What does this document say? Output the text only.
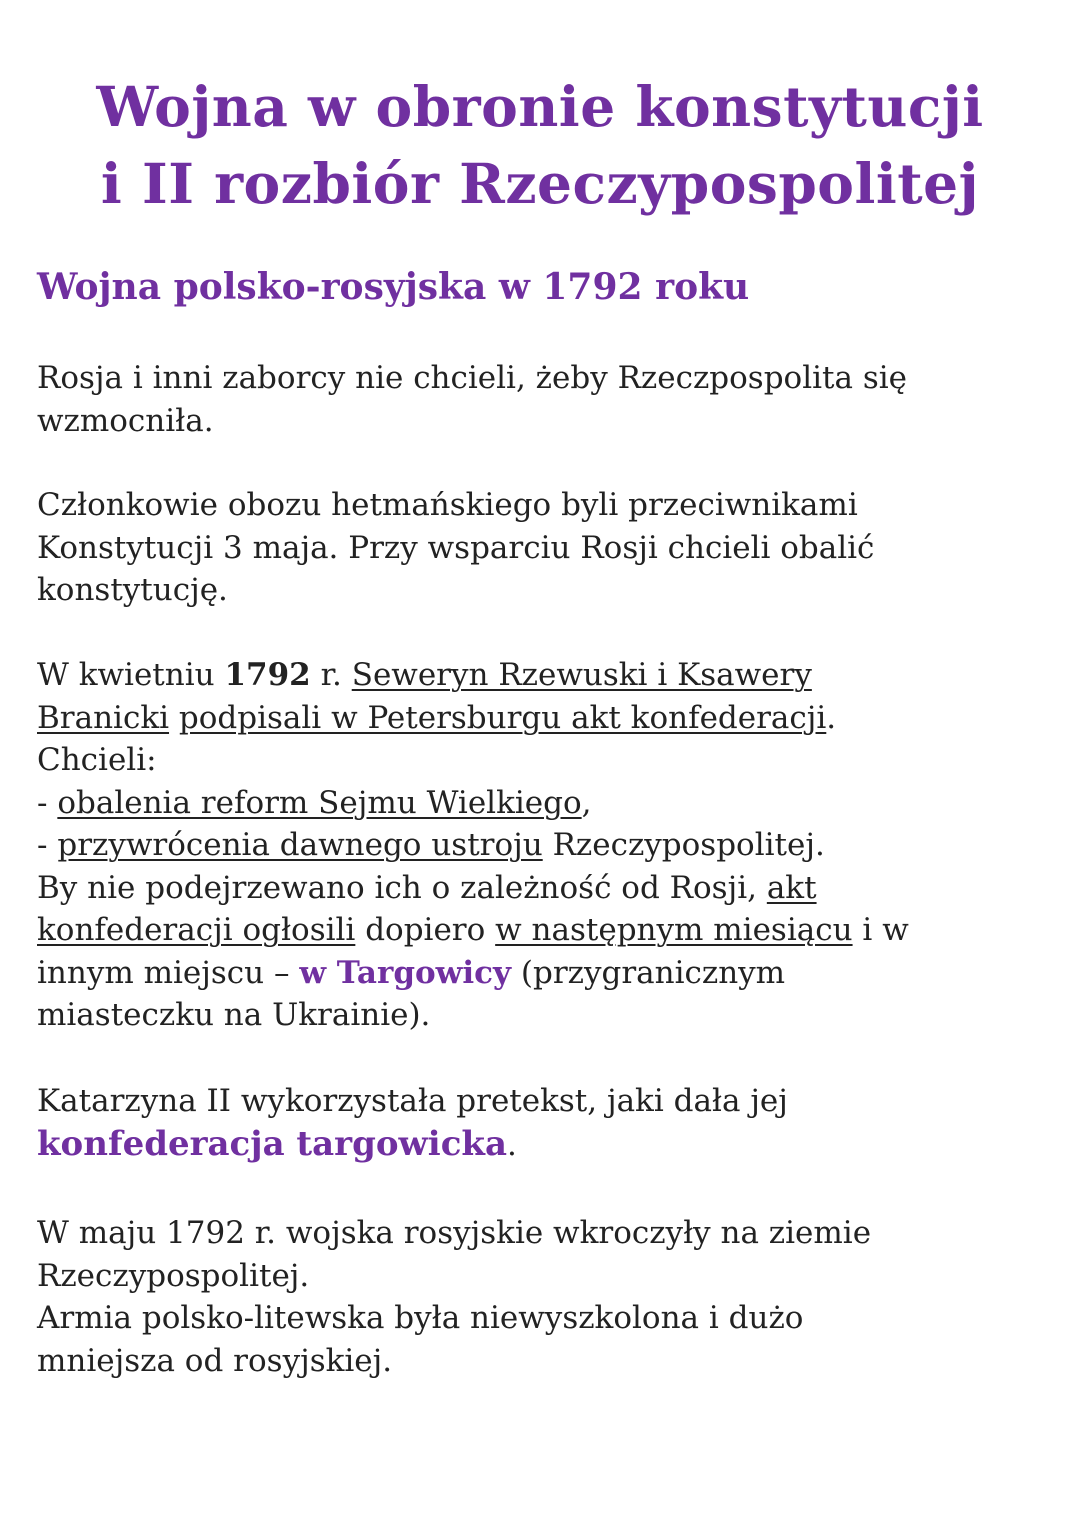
Wojna w obronie konstytucji
i II rozbiór Rzeczypospolitej
Wojna polsko-rosyjska w 1792 roku

Rosja i inni zaborcy nie chcieli, żeby Rzeczpospolita się
wzmocniła.

Członkowie obozu hetmańskiego byli przeciwnikami
Konstytucji 3 maja. Przy wsparciu Rosji chcieli obalić
konstytucję.

W kwietniu 1792 r. Seweryn Rzewuski i Ksawery
Branicki podpisali w Petersburgu akt konfederacji.
Chcieli:
- obalenia reform Sejmu Wielkiego,
- przywrócenia dawnego ustroju Rzeczypospolitej.
By nie podejrzewano ich o zależność od Rosji, akt
konfederacji ogłosili dopiero w następnym miesiącu i w
innym miejscu – w Targowicy (przygranicznym
miasteczku na Ukrainie).

Katarzyna II wykorzystała pretekst, jaki dała jej
konfederacja targowicka.

W maju 1792 r. wojska rosyjskie wkroczyły na ziemie
Rzeczypospolitej.
Armia polsko-litewska była niewyszkolona i dużo
mniejsza od rosyjskiej.
